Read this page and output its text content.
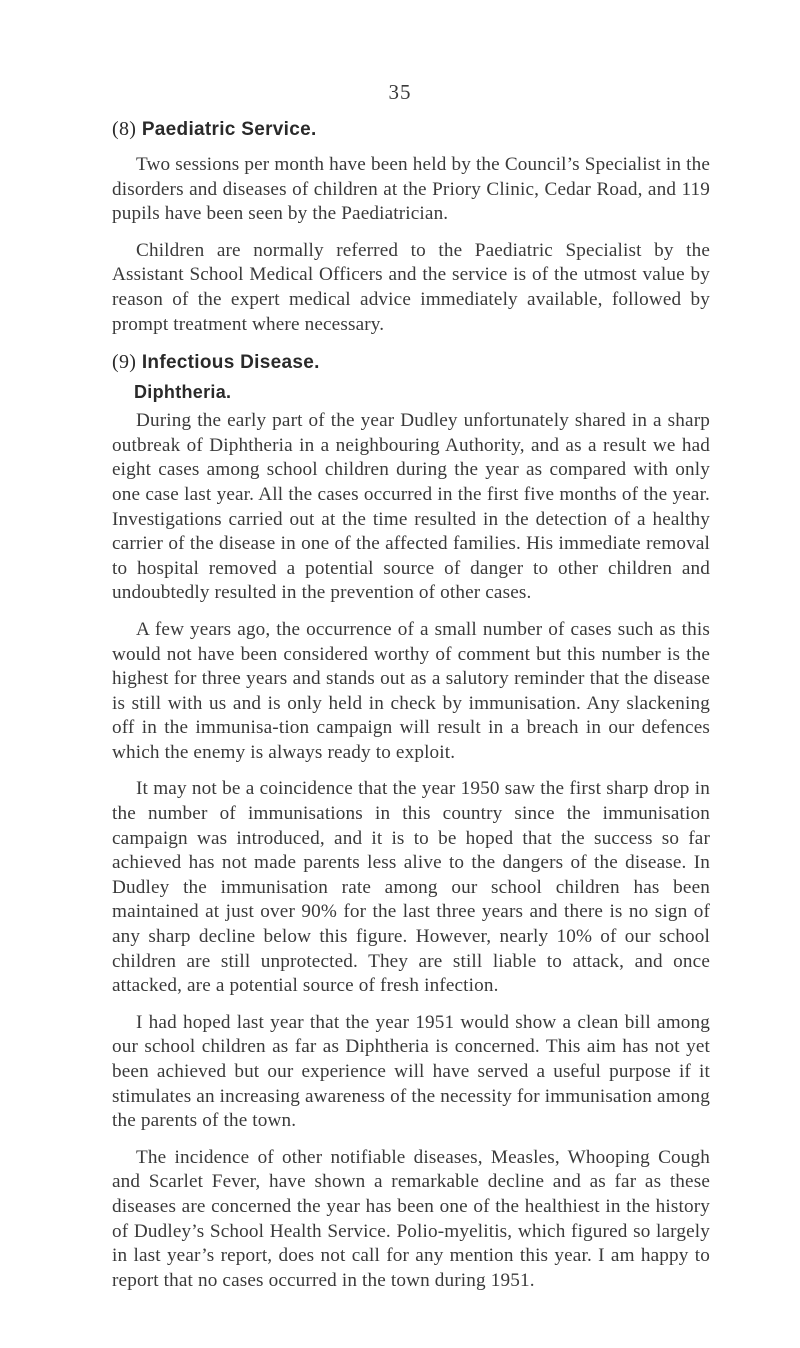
35
(8) Paediatric Service.

Two sessions per month have been held by the Council’s Specialist in the disorders and diseases of children at the Priory Clinic, Cedar Road, and 119 pupils have been seen by the Paediatrician.

Children are normally referred to the Paediatric Specialist by the Assistant School Medical Officers and the service is of the utmost value by reason of the expert medical advice immediately available, followed by prompt treatment where necessary.

(9) Infectious Disease.
Diphtheria.

During the early part of the year Dudley unfortunately shared in a sharp outbreak of Diphtheria in a neighbouring Authority, and as a result we had eight cases among school children during the year as compared with only one case last year. All the cases occurred in the first five months of the year. Investigations carried out at the time resulted in the detection of a healthy carrier of the disease in one of the affected families. His immediate removal to hospital removed a potential source of danger to other children and undoubtedly resulted in the prevention of other cases.

A few years ago, the occurrence of a small number of cases such as this would not have been considered worthy of comment but this number is the highest for three years and stands out as a salutory reminder that the disease is still with us and is only held in check by immunisation. Any slackening off in the immunisa-tion campaign will result in a breach in our defences which the enemy is always ready to exploit.

It may not be a coincidence that the year 1950 saw the first sharp drop in the number of immunisations in this country since the immunisation campaign was introduced, and it is to be hoped that the success so far achieved has not made parents less alive to the dangers of the disease. In Dudley the immunisation rate among our school children has been maintained at just over 90% for the last three years and there is no sign of any sharp decline below this figure. However, nearly 10% of our school children are still unprotected. They are still liable to attack, and once attacked, are a potential source of fresh infection.

I had hoped last year that the year 1951 would show a clean bill among our school children as far as Diphtheria is concerned. This aim has not yet been achieved but our experience will have served a useful purpose if it stimulates an increasing awareness of the necessity for immunisation among the parents of the town.

The incidence of other notifiable diseases, Measles, Whooping Cough and Scarlet Fever, have shown a remarkable decline and as far as these diseases are concerned the year has been one of the healthiest in the history of Dudley’s School Health Service. Polio-myelitis, which figured so largely in last year’s report, does not call for any mention this year. I am happy to report that no cases occurred in the town during 1951.
